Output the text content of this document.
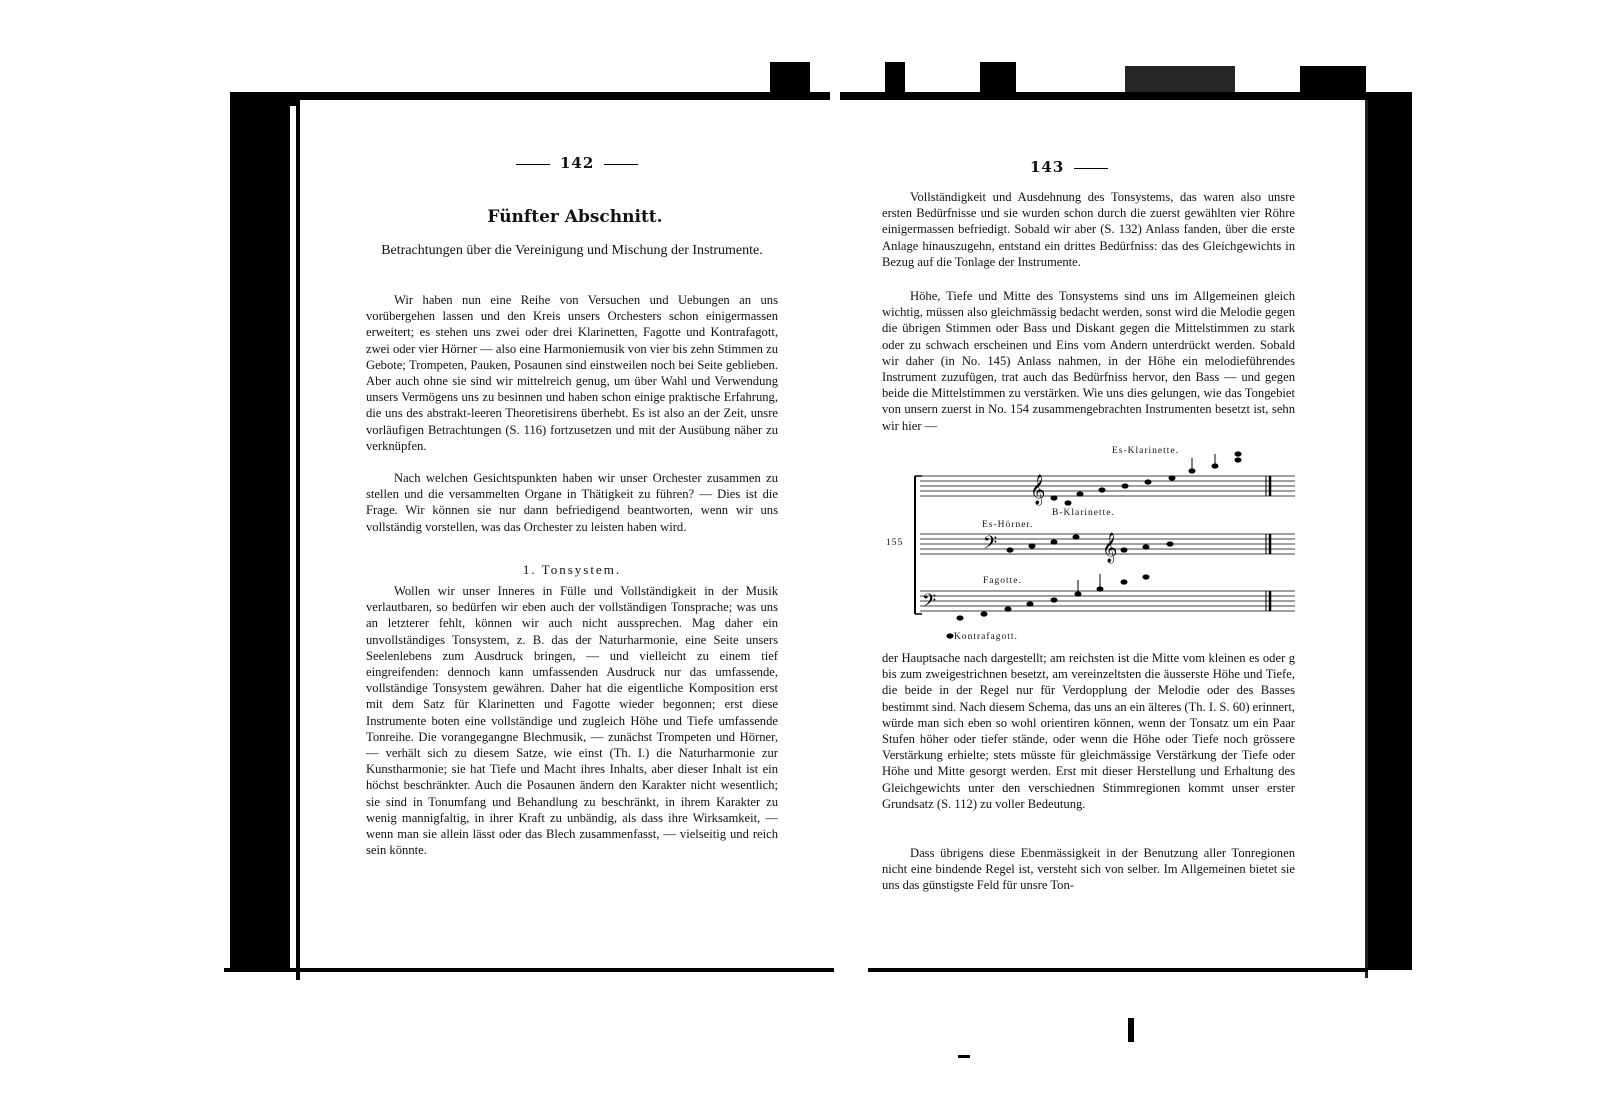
142
Fünfter Abschnitt.
Betrachtungen über die Vereinigung und Mischung der Instrumente.

Wir haben nun eine Reihe von Versuchen und Uebungen an uns vorübergehen lassen und den Kreis unsers Orchesters schon einigermassen erweitert; es stehen uns zwei oder drei Klarinetten, Fagotte und Kontrafagott, zwei oder vier Hörner — also eine Harmoniemusik von vier bis zehn Stimmen zu Gebote; Trompeten, Pauken, Posaunen sind einstweilen noch bei Seite geblieben. Aber auch ohne sie sind wir mittelreich genug, um über Wahl und Verwendung unsers Vermögens uns zu besinnen und haben schon einige praktische Erfahrung, die uns des abstrakt-leeren Theoretisirens überhebt. Es ist also an der Zeit, unsre vorläufigen Betrachtungen (S. 116) fortzusetzen und mit der Ausübung näher zu verknüpfen.

Nach welchen Gesichtspunkten haben wir unser Orchester zusammen zu stellen und die versammelten Organe in Thätigkeit zu führen? — Dies ist die Frage. Wir können sie nur dann befriedigend beantworten, wenn wir uns vollständig vorstellen, was das Orchester zu leisten haben wird.

1. Tonsystem.

Wollen wir unser Inneres in Fülle und Vollständigkeit in der Musik verlautbaren, so bedürfen wir eben auch der vollständigen Tonsprache; was uns an letzterer fehlt, können wir auch nicht aussprechen. Mag daher ein unvollständiges Tonsystem, z. B. das der Naturharmonie, eine Seite unsers Seelenlebens zum Ausdruck bringen, — und vielleicht zu einem tief eingreifenden: dennoch kann umfassenden Ausdruck nur das umfassende, vollständige Tonsystem gewähren. Daher hat die eigentliche Komposition erst mit dem Satz für Klarinetten und Fagotte wieder begonnen; erst diese Instrumente boten eine vollständige und zugleich Höhe und Tiefe umfassende Tonreihe. Die vorangegangne Blechmusik, — zunächst Trompeten und Hörner, — verhält sich zu diesem Satze, wie einst (Th. I.) die Naturharmonie zur Kunstharmonie; sie hat Tiefe und Macht ihres Inhalts, aber dieser Inhalt ist ein höchst beschränkter. Auch die Posaunen ändern den Karakter nicht wesentlich; sie sind in Tonumfang und Behandlung zu beschränkt, in ihrem Karakter zu wenig mannigfaltig, in ihrer Kraft zu unbändig, als dass ihre Wirksamkeit, — wenn man sie allein lässt oder das Blech zusammenfasst, — vielseitig und reich sein könnte.

143

Vollständigkeit und Ausdehnung des Tonsystems, das waren also unsre ersten Bedürfnisse und sie wurden schon durch die zuerst gewählten vier Röhre einigermassen befriedigt. Sobald wir aber (S. 132) Anlass fanden, über die erste Anlage hinauszugehn, entstand ein drittes Bedürfniss: das des Gleichgewichts in Bezug auf die Tonlage der Instrumente.

Höhe, Tiefe und Mitte des Tonsystems sind uns im Allgemeinen gleich wichtig, müssen also gleichmässig bedacht werden, sonst wird die Melodie gegen die übrigen Stimmen oder Bass und Diskant gegen die Mittelstimmen zu stark oder zu schwach erscheinen und Eins vom Andern unterdrückt werden. Sobald wir daher (in No. 145) Anlass nahmen, in der Höhe ein melodieführendes Instrument zuzufügen, trat auch das Bedürfniss hervor, den Bass — und gegen beide die Mittelstimmen zu verstärken. Wie uns dies gelungen, wie das Tongebiet von unsern zuerst in No. 154 zusammengebrachten Instrumenten besetzt ist, sehn wir hier —

𝄞
𝄢	𝄞
𝄢
Es-Klarinette.
B-Klarinette.
Es-Hörner.
Fagotte.
Kontrafagott.
155

der Hauptsache nach dargestellt; am reichsten ist die Mitte vom kleinen es oder g bis zum zweigestrichnen besetzt, am vereinzeltsten die äusserste Höhe und Tiefe, die beide in der Regel nur für Verdopplung der Melodie oder des Basses bestimmt sind. Nach diesem Schema, das uns an ein älteres (Th. I. S. 60) erinnert, würde man sich eben so wohl orientiren können, wenn der Tonsatz um ein Paar Stufen höher oder tiefer stände, oder wenn die Höhe oder Tiefe noch grössere Verstärkung erhielte; stets müsste für gleichmässige Verstärkung der Tiefe oder Höhe und Mitte gesorgt werden. Erst mit dieser Herstellung und Erhaltung des Gleichgewichts unter den verschiednen Stimmregionen kommt unser erster Grundsatz (S. 112) zu voller Bedeutung.

Dass übrigens diese Ebenmässigkeit in der Benutzung aller Tonregionen nicht eine bindende Regel ist, versteht sich von selber. Im Allgemeinen bietet sie uns das günstigste Feld für unsre Ton-
